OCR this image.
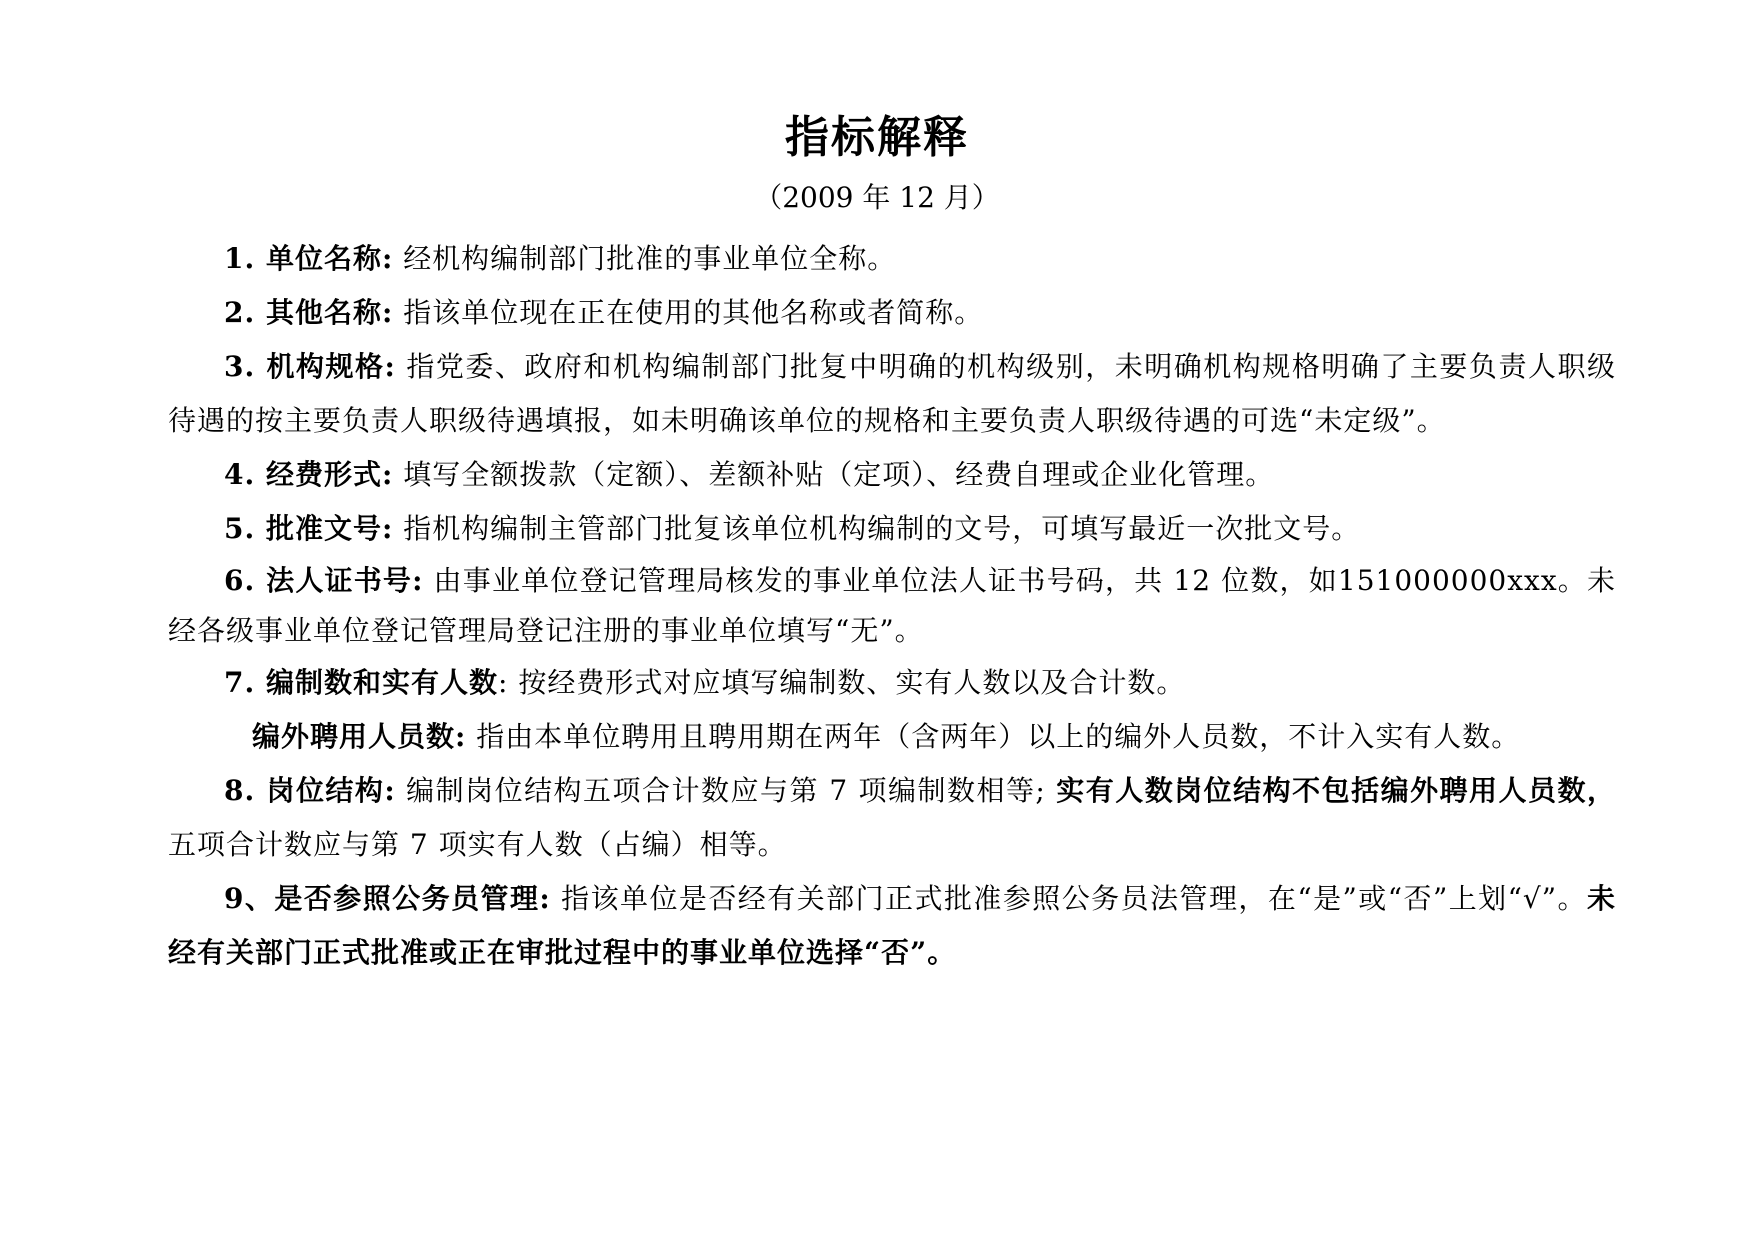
指标解释
（2009 年 12 月）

1. 单位名称: 经机构编制部门批准的事业单位全称。

2. 其他名称: 指该单位现在正在使用的其他名称或者简称。

3. 机构规格: 指党委、政府和机构编制部门批复中明确的机构级别，未明确机构规格明确了主要负责人职级待遇的按主要负责人职级待遇填报，如未明确该单位的规格和主要负责人职级待遇的可选“未定级”。

4. 经费形式: 填写全额拨款（定额）、差额补贴（定项）、经费自理或企业化管理。

5. 批准文号: 指机构编制主管部门批复该单位机构编制的文号，可填写最近一次批文号。

6. 法人证书号: 由事业单位登记管理局核发的事业单位法人证书号码，共 12 位数，如151000000xxx。未经各级事业单位登记管理局登记注册的事业单位填写“无”。

7. 编制数和实有人数: 按经费形式对应填写编制数、实有人数以及合计数。

编外聘用人员数: 指由本单位聘用且聘用期在两年（含两年）以上的编外人员数，不计入实有人数。

8. 岗位结构: 编制岗位结构五项合计数应与第 7 项编制数相等; 实有人数岗位结构不包括编外聘用人员数，五项合计数应与第 7 项实有人数（占编）相等。

9、是否参照公务员管理: 指该单位是否经有关部门正式批准参照公务员法管理，在“是”或“否”上划“√”。未经有关部门正式批准或正在审批过程中的事业单位选择“否”。
